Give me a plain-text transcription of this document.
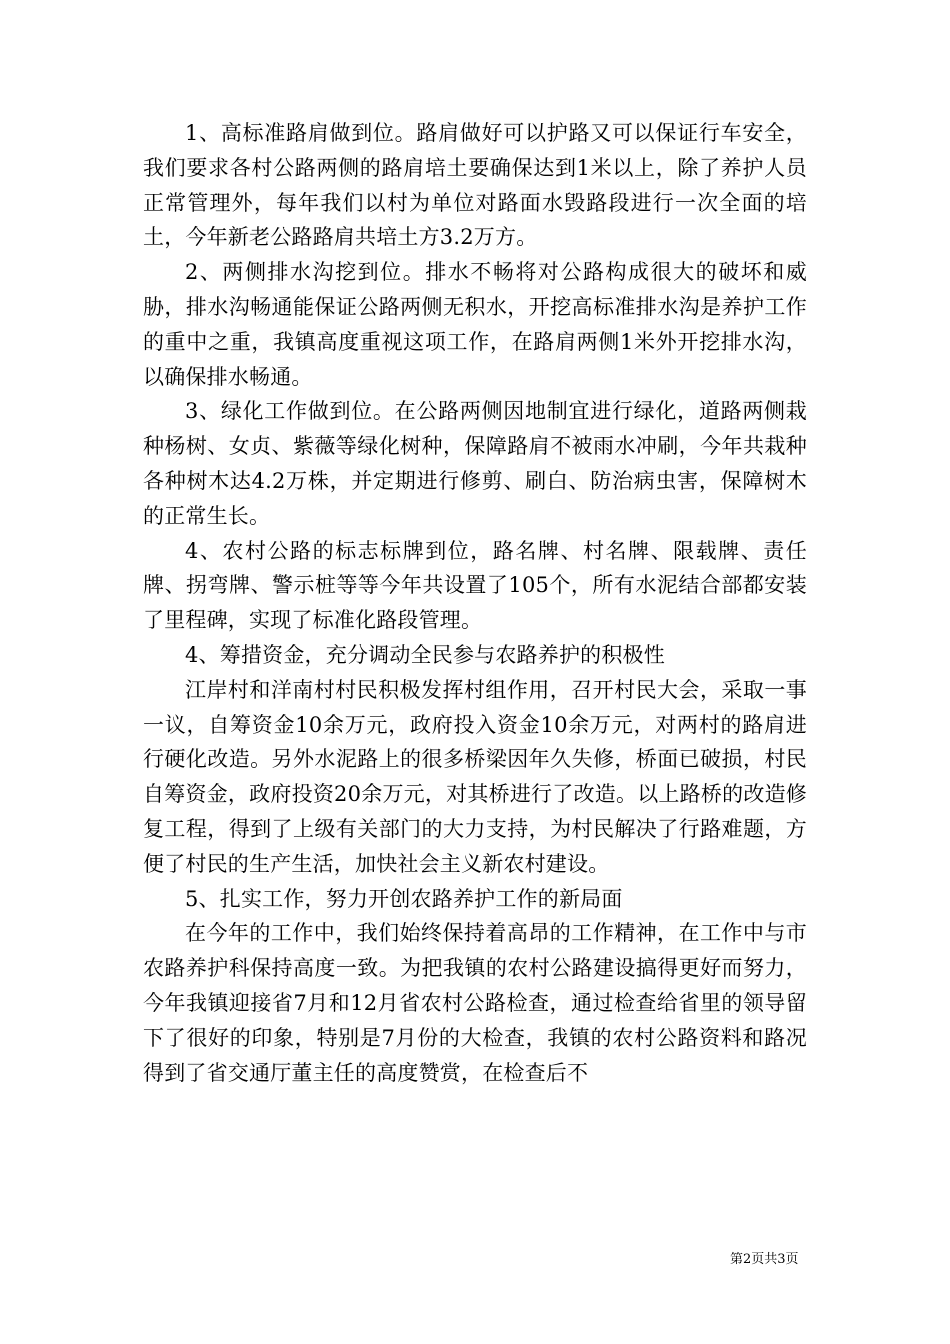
1、高标准路肩做到位。路肩做好可以护路又可以保证行车安全，我们要求各村公路两侧的路肩培土要确保达到1米以上，除了养护人员正常管理外，每年我们以村为单位对路面水毁路段进行一次全面的培土，今年新老公路路肩共培土方3.2万方。

2、两侧排水沟挖到位。排水不畅将对公路构成很大的破坏和威胁，排水沟畅通能保证公路两侧无积水，开挖高标准排水沟是养护工作的重中之重，我镇高度重视这项工作，在路肩两侧1米外开挖排水沟，以确保排水畅通。

3、绿化工作做到位。在公路两侧因地制宜进行绿化，道路两侧栽种杨树、女贞、紫薇等绿化树种，保障路肩不被雨水冲刷，今年共栽种各种树木达4.2万株，并定期进行修剪、刷白、防治病虫害，保障树木的正常生长。

4、农村公路的标志标牌到位，路名牌、村名牌、限载牌、责任牌、拐弯牌、警示桩等等今年共设置了105个，所有水泥结合部都安装了里程碑，实现了标准化路段管理。

4、筹措资金，充分调动全民参与农路养护的积极性

江岸村和洋南村村民积极发挥村组作用，召开村民大会，采取一事一议，自筹资金10余万元，政府投入资金10余万元，对两村的路肩进行硬化改造。另外水泥路上的很多桥梁因年久失修，桥面已破损，村民自筹资金，政府投资20余万元，对其桥进行了改造。以上路桥的改造修复工程，得到了上级有关部门的大力支持，为村民解决了行路难题，方便了村民的生产生活，加快社会主义新农村建设。

5、扎实工作，努力开创农路养护工作的新局面

在今年的工作中，我们始终保持着高昂的工作精神，在工作中与市农路养护科保持高度一致。为把我镇的农村公路建设搞得更好而努力，今年我镇迎接省7月和12月省农村公路检查，通过检查给省里的领导留下了很好的印象，特别是7月份的大检查，我镇的农村公路资料和路况得到了省交通厅董主任的高度赞赏，在检查后不

第2页共3页
